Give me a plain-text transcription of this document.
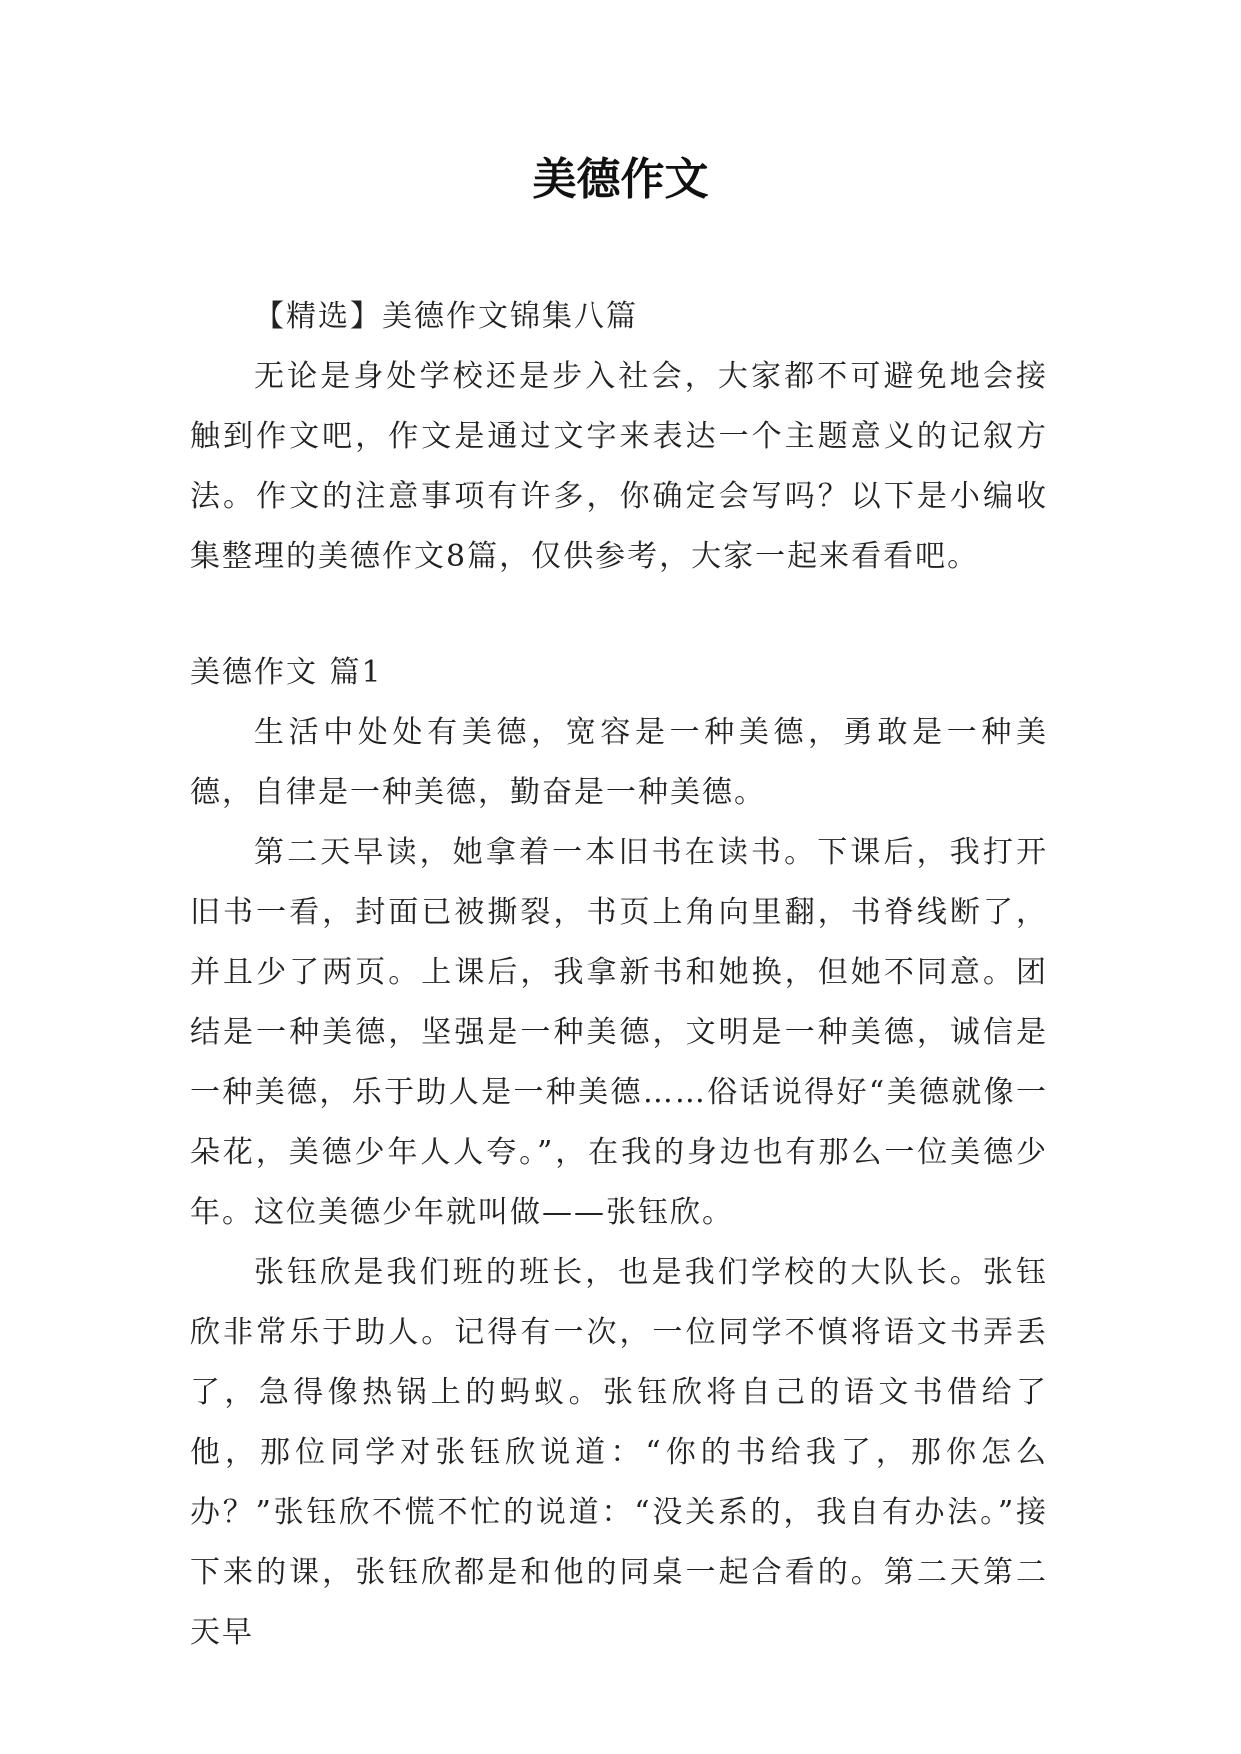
美德作文

【精选】美德作文锦集八篇

无论是身处学校还是步入社会，大家都不可避免地会接触到作文吧，作文是通过文字来表达一个主题意义的记叙方法。作文的注意事项有许多，你确定会写吗？以下是小编收集整理的美德作文8篇，仅供参考，大家一起来看看吧。

美德作文 篇1

生活中处处有美德，宽容是一种美德，勇敢是一种美德，自律是一种美德，勤奋是一种美德。

第二天早读，她拿着一本旧书在读书。下课后，我打开旧书一看，封面已被撕裂，书页上角向里翻，书脊线断了，并且少了两页。上课后，我拿新书和她换，但她不同意。团结是一种美德，坚强是一种美德，文明是一种美德，诚信是一种美德，乐于助人是一种美德……俗话说得好“美德就像一朵花，美德少年人人夸。”，在我的身边也有那么一位美德少年。这位美德少年就叫做——张钰欣。

张钰欣是我们班的班长，也是我们学校的大队长。张钰欣非常乐于助人。记得有一次，一位同学不慎将语文书弄丢了，急得像热锅上的蚂蚁。张钰欣将自己的语文书借给了他，那位同学对张钰欣说道：“你的书给我了，那你怎么办？”张钰欣不慌不忙的说道：“没关系的，我自有办法。”接下来的课，张钰欣都是和他的同桌一起合看的。第二天第二天早
